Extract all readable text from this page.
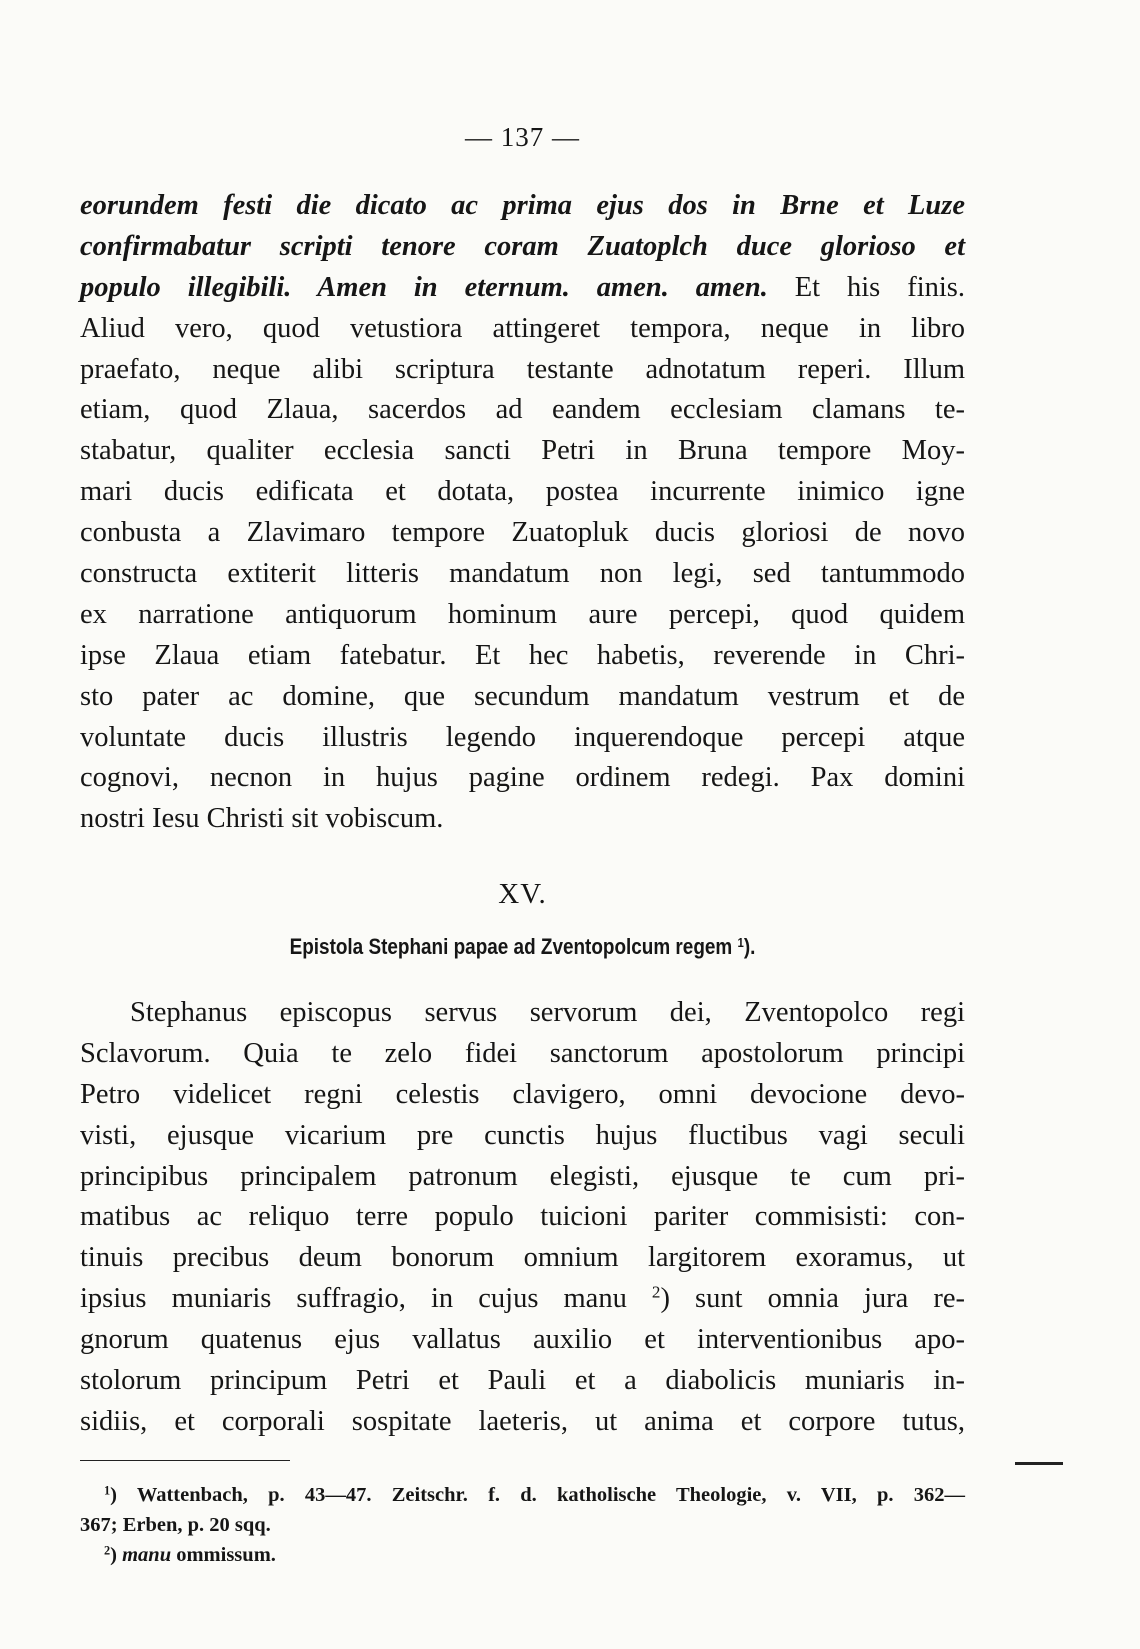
— 137 —
eorundem festi die dicato ac prima ejus dos in Brne et Luze
confirmabatur scripti tenore coram Zuatoplch duce glorioso et
populo illegibili. Amen in eternum. amen. amen. Et his finis.
Aliud vero, quod vetustiora attingeret tempora, neque in libro
praefato, neque alibi scriptura testante adnotatum reperi. Illum
etiam, quod Zlaua, sacerdos ad eandem ecclesiam clamans te-
stabatur, qualiter ecclesia sancti Petri in Bruna tempore Moy-
mari ducis edificata et dotata, postea incurrente inimico igne
conbusta a Zlavimaro tempore Zuatopluk ducis gloriosi de novo
constructa extiterit litteris mandatum non legi, sed tantummodo
ex narratione antiquorum hominum aure percepi, quod quidem
ipse Zlaua etiam fatebatur. Et hec habetis, reverende in Chri-
sto pater ac domine, que secundum mandatum vestrum et de
voluntate ducis illustris legendo inquerendoque percepi atque
cognovi, necnon in hujus pagine ordinem redegi. Pax domini
nostri Iesu Christi sit vobiscum.
XV.
Epistola Stephani papae ad Zventopolcum regem $^1$).
Stephanus episcopus servus servorum dei, Zventopolco regi
Sclavorum. Quia te zelo fidei sanctorum apostolorum principi
Petro videlicet regni celestis clavigero, omni devocione devo-
visti, ejusque vicarium pre cunctis hujus fluctibus vagi seculi
principibus principalem patronum elegisti, ejusque te cum pri-
matibus ac reliquo terre populo tuicioni pariter commisisti: con-
tinuis precibus deum bonorum omnium largitorem exoramus, ut
ipsius muniaris suffragio, in cujus manu $^2$) sunt omnia jura re-
gnorum quatenus ejus vallatus auxilio et interventionibus apo-
stolorum principum Petri et Pauli et a diabolicis muniaris in-
sidiis, et corporali sospitate laeteris, ut anima et corpore tutus,
$^1$) Wattenbach, p. 43—47. Zeitschr. f. d. katholische Theologie, v. VII, p. 362—
367; Erben, p. 20 sqq.
$^2$) manu ommissum.
